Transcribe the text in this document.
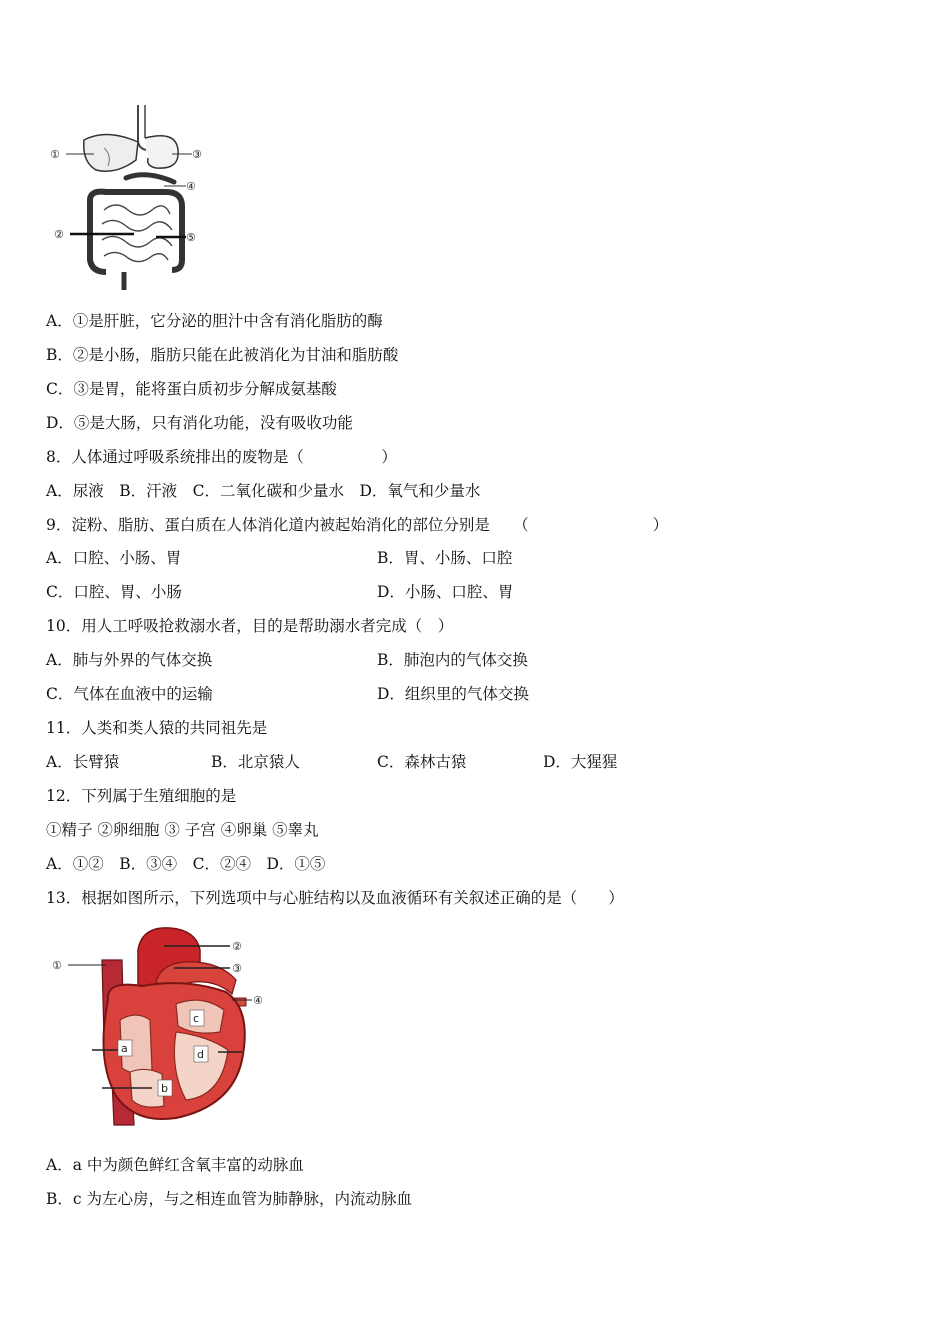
①	③
④
②	⑤
A．①是肝脏，它分泌的胆汁中含有消化脂肪的酶
B．②是小肠，脂肪只能在此被消化为甘油和脂肪酸
C．③是胃，能将蛋白质初步分解成氨基酸
D．⑤是大肠，只有消化功能，没有吸收功能
8．人体通过呼吸系统排出的废物是（　　　　　）
A．尿液　B．汗液　C．二氧化碳和少量水　D．氧气和少量水
9．淀粉、脂肪、蛋白质在人体消化道内被起始消化的部位分别是　　（　　　　　　　　）
A．口腔、小肠、胃	B．胃、小肠、口腔
C．口腔、胃、小肠	D．小肠、口腔、胃
10．用人工呼吸抢救溺水者，目的是帮助溺水者完成（　）
A．肺与外界的气体交换	B．肺泡内的气体交换
C．气体在血液中的运输	D．组织里的气体交换
11．人类和类人猿的共同祖先是
A．长臂猿	B．北京猿人	C．森林古猿	D．大猩猩
12．下列属于生殖细胞的是
①精子 ②卵细胞 ③ 子宫 ④卵巢 ⑤睾丸
A．①②　B．③④　C．②④　D．①⑤
13．根据如图所示，下列选项中与心脏结构以及血液循环有关叙述正确的是（　　）
①
②
③
④
a
b
c
d
A．a 中为颜色鲜红含氧丰富的动脉血
B．c 为左心房，与之相连血管为肺静脉，内流动脉血
